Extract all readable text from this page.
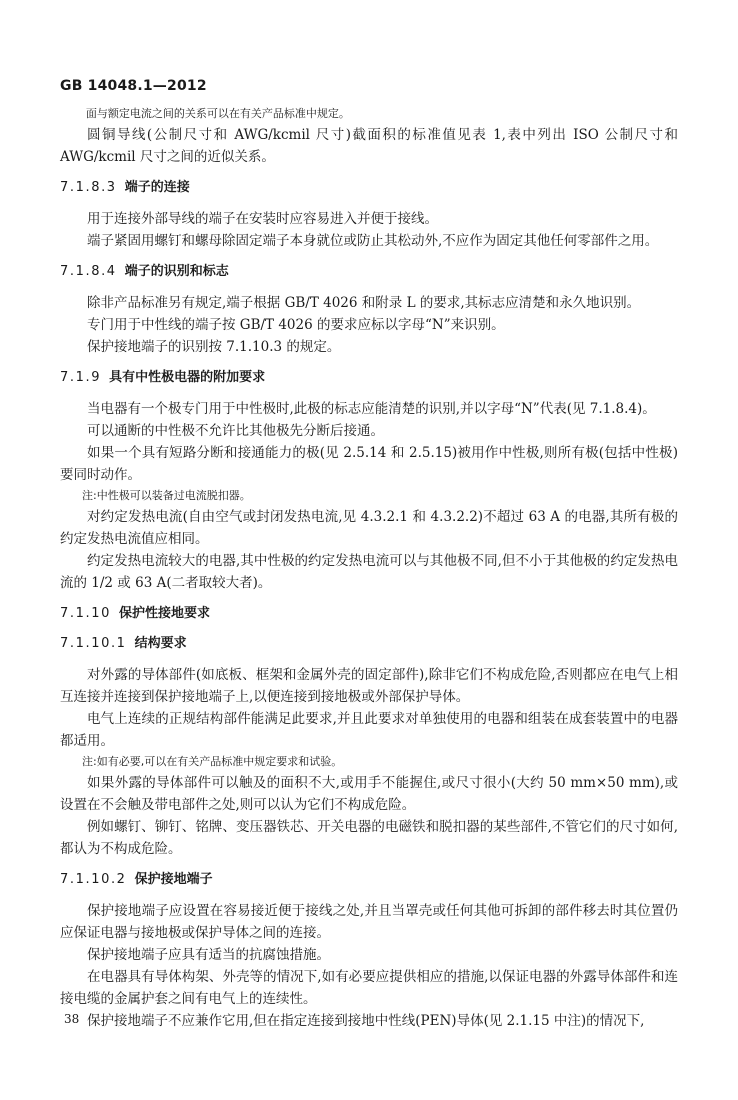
GB 14048.1—2012

面与额定电流之间的关系可以在有关产品标准中规定。

圆铜导线(公制尺寸和 AWG/kcmil 尺寸)截面积的标准值见表 1,表中列出 ISO 公制尺寸和 AWG/kcmil 尺寸之间的近似关系。

7.1.8.3 端子的连接

用于连接外部导线的端子在安装时应容易进入并便于接线。

端子紧固用螺钉和螺母除固定端子本身就位或防止其松动外,不应作为固定其他任何零部件之用。

7.1.8.4 端子的识别和标志

除非产品标准另有规定,端子根据 GB/T 4026 和附录 L 的要求,其标志应清楚和永久地识别。

专门用于中性线的端子按 GB/T 4026 的要求应标以字母“N”来识别。

保护接地端子的识别按 7.1.10.3 的规定。

7.1.9 具有中性极电器的附加要求

当电器有一个极专门用于中性极时,此极的标志应能清楚的识别,并以字母“N”代表(见 7.1.8.4)。

可以通断的中性极不允许比其他极先分断后接通。

如果一个具有短路分断和接通能力的极(见 2.5.14 和 2.5.15)被用作中性极,则所有极(包括中性极)要同时动作。

注:中性极可以装备过电流脱扣器。

对约定发热电流(自由空气或封闭发热电流,见 4.3.2.1 和 4.3.2.2)不超过 63 A 的电器,其所有极的约定发热电流值应相同。

约定发热电流较大的电器,其中性极的约定发热电流可以与其他极不同,但不小于其他极的约定发热电流的 1/2 或 63 A(二者取较大者)。

7.1.10 保护性接地要求
7.1.10.1 结构要求

对外露的导体部件(如底板、框架和金属外壳的固定部件),除非它们不构成危险,否则都应在电气上相互连接并连接到保护接地端子上,以便连接到接地极或外部保护导体。

电气上连续的正规结构部件能满足此要求,并且此要求对单独使用的电器和组装在成套装置中的电器都适用。

注:如有必要,可以在有关产品标准中规定要求和试验。

如果外露的导体部件可以触及的面积不大,或用手不能握住,或尺寸很小(大约 50 mm×50 mm),或设置在不会触及带电部件之处,则可以认为它们不构成危险。

例如螺钉、铆钉、铭牌、变压器铁芯、开关电器的电磁铁和脱扣器的某些部件,不管它们的尺寸如何,都认为不构成危险。

7.1.10.2 保护接地端子

保护接地端子应设置在容易接近便于接线之处,并且当罩壳或任何其他可拆卸的部件移去时其位置仍应保证电器与接地极或保护导体之间的连接。

保护接地端子应具有适当的抗腐蚀措施。

在电器具有导体构架、外壳等的情况下,如有必要应提供相应的措施,以保证电器的外露导体部件和连接电缆的金属护套之间有电气上的连续性。

保护接地端子不应兼作它用,但在指定连接到接地中性线(PEN)导体(见 2.1.15 中注)的情况下,

38
